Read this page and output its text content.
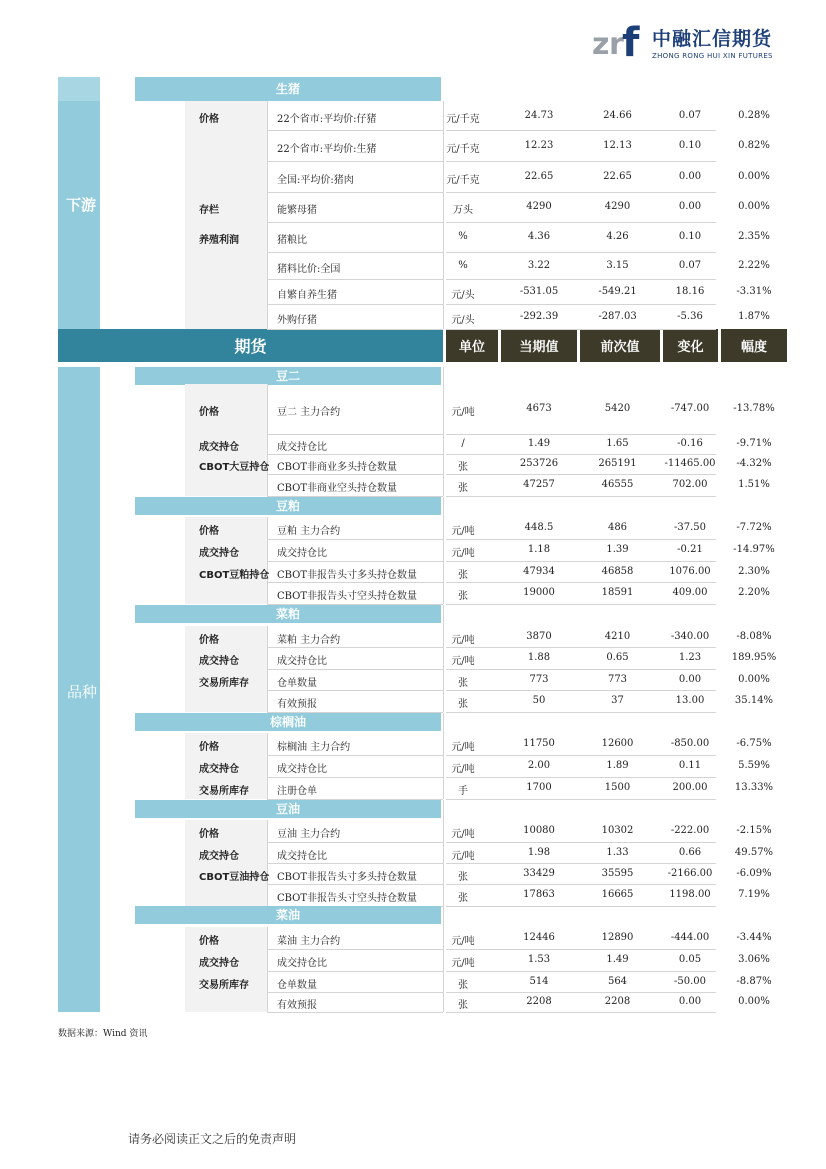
z r
f 中融汇信期货
ZHONG RONG HUI XIN FUTURES
下游
品种
期货	单位	当期值	前次值	变化	幅度
生猪
价格	22个省市:平均价:仔猪	元/千克	24.73	24.66	0.07	0.28%
22个省市:平均价:生猪	元/千克	12.23	12.13	0.10	0.82%
全国:平均价:猪肉	元/千克	22.65	22.65	0.00	0.00%
存栏	能繁母猪	万头	4290	4290	0.00	0.00%
养殖利润	猪粮比	%	4.36	4.26	0.10	2.35%
猪料比价:全国	%	3.22	3.15	0.07	2.22%
自繁自养生猪	元/头	-531.05	-549.21	18.16	-3.31%
外购仔猪	元/头	-292.39	-287.03	-5.36	1.87%
豆二
价格	豆二 主力合约	元/吨	4673	5420	-747.00	-13.78%
成交持仓	成交持仓比	/	1.49	1.65	-0.16	-9.71%
CBOT大豆持仓 CBOT非商业多头持仓数量	张	253726	265191	-11465.00	-4.32%
CBOT非商业空头持仓数量	张	47257	46555	702.00	1.51%
豆粕
价格	豆粕 主力合约	元/吨	448.5	486	-37.50	-7.72%
成交持仓	成交持仓比	元/吨	1.18	1.39	-0.21	-14.97%
CBOT豆粕持仓 CBOT非报告头寸多头持仓数量	张	47934	46858	1076.00	2.30%
CBOT非报告头寸空头持仓数量	张	19000	18591	409.00	2.20%
菜粕
价格	菜粕 主力合约	元/吨	3870	4210	-340.00	-8.08%
成交持仓	成交持仓比	元/吨	1.88	0.65	1.23	189.95%
交易所库存	仓单数量	张	773	773	0.00	0.00%
有效预报	张	50	37	13.00	35.14%
棕榈油
价格	棕榈油 主力合约	元/吨	11750	12600	-850.00	-6.75%
成交持仓	成交持仓比	元/吨	2.00	1.89	0.11	5.59%
交易所库存	注册仓单	手	1700	1500	200.00	13.33%
豆油
价格	豆油 主力合约	元/吨	10080	10302	-222.00	-2.15%
成交持仓	成交持仓比	元/吨	1.98	1.33	0.66	49.57%
CBOT豆油持仓 CBOT非报告头寸多头持仓数量	张	33429	35595	-2166.00	-6.09%
CBOT非报告头寸空头持仓数量	张	17863	16665	1198.00	7.19%
菜油
价格	菜油 主力合约	元/吨	12446	12890	-444.00	-3.44%
成交持仓	成交持仓比	元/吨	1.53	1.49	0.05	3.06%
交易所库存	仓单数量	张	514	564	-50.00	-8.87%
有效预报	张	2208	2208	0.00	0.00%
数据来源：Wind 资讯
请务必阅读正文之后的免责声明
